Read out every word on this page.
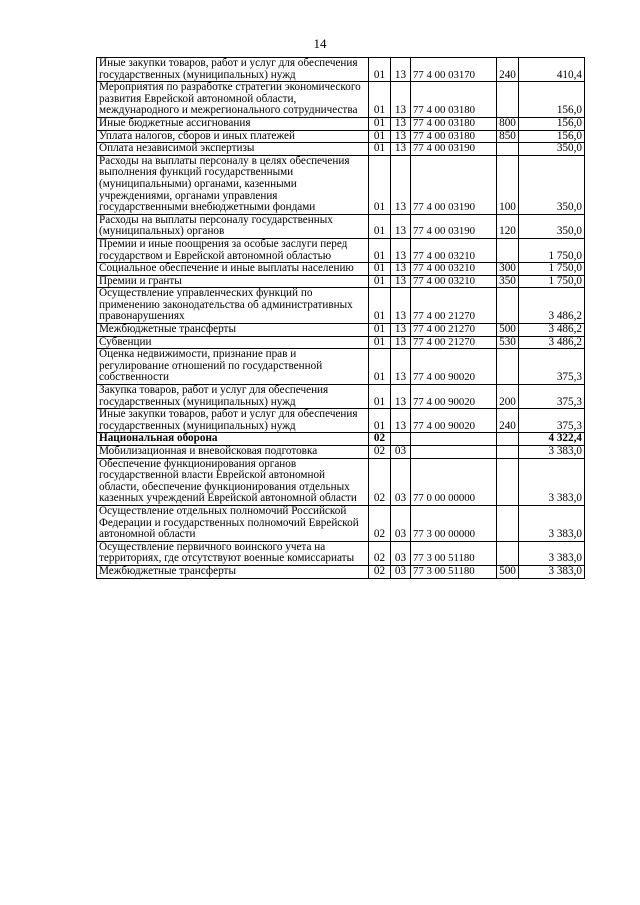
14
Иные закупки товаров, работ и услуг для обеспечения государственных (муниципальных) нужд	01	13	77 4 00 03170	240	410,4
Мероприятия по разработке стратегии экономического развития Еврейской автономной области, международного и межрегионального сотрудничества	01	13	77 4 00 03180		156,0
Иные бюджетные ассигнования	01	13	77 4 00 03180	800	156,0
Уплата налогов, сборов и иных платежей	01	13	77 4 00 03180	850	156,0
Оплата независимой экспертизы	01	13	77 4 00 03190		350,0
Расходы на выплаты персоналу в целях обеспечения выполнения функций государственными (муниципальными) органами, казенными учреждениями, органами управления государственными внебюджетными фондами	01	13	77 4 00 03190	100	350,0
Расходы на выплаты персоналу государственных (муниципальных) органов	01	13	77 4 00 03190	120	350,0
Премии и иные поощрения за особые заслуги перед государством и Еврейской автономной областью	01	13	77 4 00 03210		1 750,0
Социальное обеспечение и иные выплаты населению	01	13	77 4 00 03210	300	1 750,0
Премии и гранты	01	13	77 4 00 03210	350	1 750,0
Осуществление управленческих функций по применению законодательства об административных правонарушениях	01	13	77 4 00 21270		3 486,2
Межбюджетные трансферты	01	13	77 4 00 21270	500	3 486,2
Субвенции	01	13	77 4 00 21270	530	3 486,2
Оценка недвижимости, признание прав и регулирование отношений по государственной собственности	01	13	77 4 00 90020		375,3
Закупка товаров, работ и услуг для обеспечения государственных (муниципальных) нужд	01	13	77 4 00 90020	200	375,3
Иные закупки товаров, работ и услуг для обеспечения государственных (муниципальных) нужд	01	13	77 4 00 90020	240	375,3
Национальная оборона	02				4 322,4
Мобилизационная и вневойсковая подготовка	02	03			3 383,0
Обеспечение функционирования органов государственной власти Еврейской автономной области, обеспечение функционирования отдельных казенных учреждений Еврейской автономной области	02	03	77 0 00 00000		3 383,0
Осуществление отдельных полномочий Российской Федерации и государственных полномочий Еврейской автономной области	02	03	77 3 00 00000		3 383,0
Осуществление первичного воинского учета на территориях, где отсутствуют военные комиссариаты	02	03	77 3 00 51180		3 383,0
Межбюджетные трансферты	02	03	77 3 00 51180	500	3 383,0
